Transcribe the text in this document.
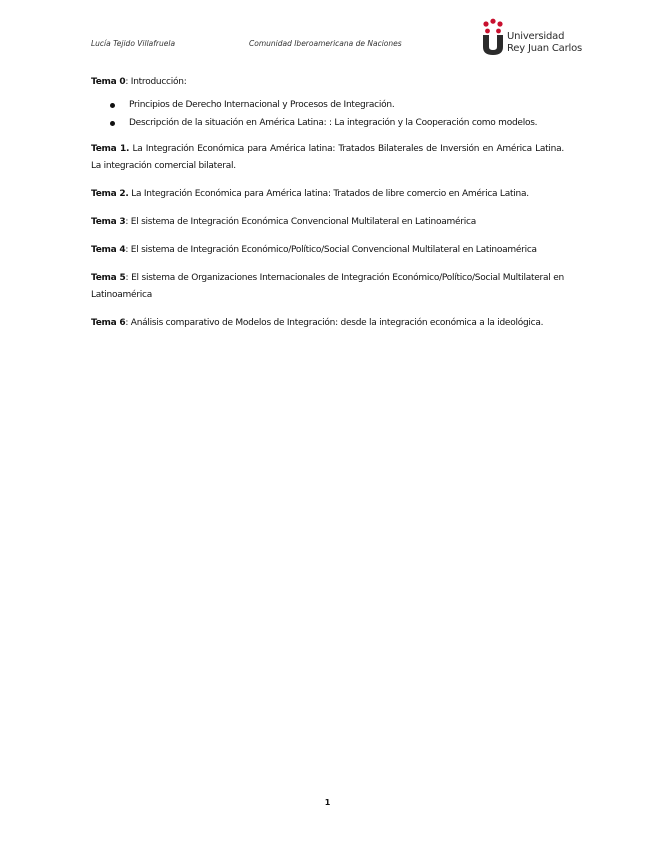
Lucía Tejido Villafruela	Comunidad Iberoamericana de Naciones
Universidad
Rey Juan Carlos

Tema 0: Introducción:

Principios de Derecho Internacional y Procesos de Integración.
Descripción de la situación en América Latina: : La integración y la Cooperación como modelos.

Tema 1. La Integración Económica para América latina: Tratados Bilaterales de Inversión en América Latina. La integración comercial bilateral.

Tema 2. La Integración Económica para América latina: Tratados de libre comercio en América Latina.

Tema 3: El sistema de Integración Económica Convencional Multilateral en Latinoamérica

Tema 4: El sistema de Integración Económico/Político/Social Convencional Multilateral en Latinoamérica

Tema 5: El sistema de Organizaciones Internacionales de Integración Económico/Político/Social Multilateral en Latinoamérica

Tema 6: Análisis comparativo de Modelos de Integración: desde la integración económica a la ideológica.

1
